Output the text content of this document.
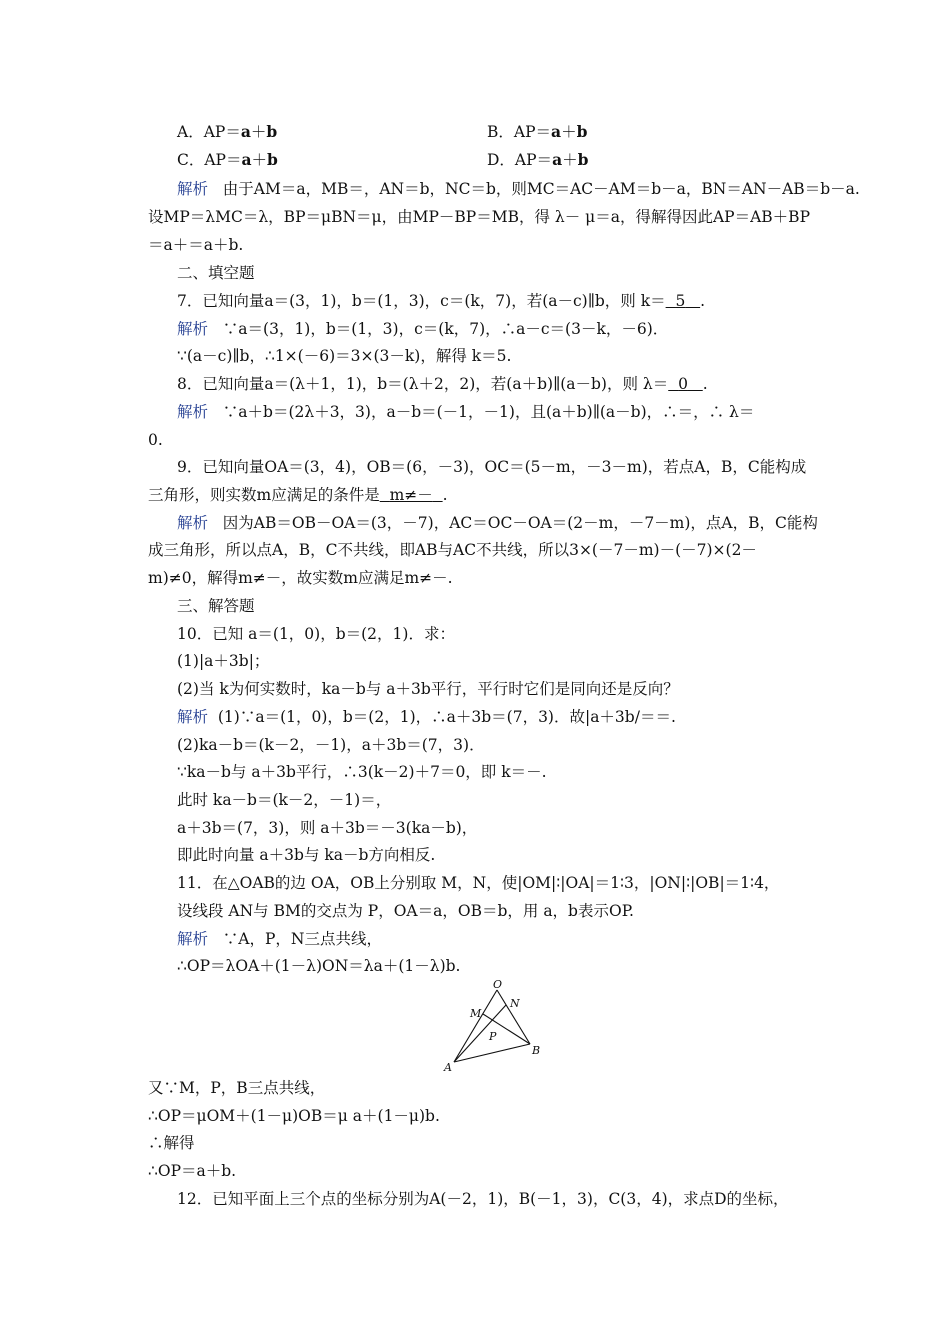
A．AP＝a＋b	B．AP＝a＋b
C．AP＝a＋b	D．AP＝a＋b
解析 由于AM＝a，MB＝，AN＝b，NC＝b，则MC＝AC－AM＝b－a，BN＝AN－AB＝b－a.
设MP＝λMC＝λ，BP＝μBN＝μ，由MP－BP＝MB，得 λ－ μ＝a，得解得因此AP＝AB＋BP
＝a＋＝a＋b.
二、填空题
7．已知向量a＝(3，1)，b＝(1，3)，c＝(k，7)，若(a－c)∥b，则 k＝ 5 .
解析 ∵a＝(3，1)，b＝(1，3)，c＝(k，7)，∴a－c＝(3－k，－6)．
∵(a－c)∥b，∴1×(－6)＝3×(3－k)，解得 k＝5.
8．已知向量a＝(λ＋1，1)，b＝(λ＋2，2)，若(a＋b)∥(a－b)，则 λ＝ 0 .
解析 ∵a＋b＝(2λ＋3，3)，a－b＝(－1，－1)，且(a＋b)∥(a－b)，∴＝，∴ λ＝
0.
9．已知向量OA＝(3，4)，OB＝(6，－3)，OC＝(5－m，－3－m)，若点A，B，C能构成
三角形，则实数m应满足的条件是 m≠－ .
解析 因为AB＝OB－OA＝(3，－7)，AC＝OC－OA＝(2－m，－7－m)，点A，B，C能构
成三角形，所以点A，B，C不共线，即AB与AC不共线，所以3×(－7－m)－(－7)×(2－
m)≠0，解得m≠－，故实数m应满足m≠－.
三、解答题
10．已知 a＝(1，0)，b＝(2，1)．求：
(1)|a＋3b|；
(2)当 k为何实数时，ka－b与 a＋3b平行，平行时它们是同向还是反向？
解析 (1)∵a＝(1，0)，b＝(2，1)，∴a＋3b＝(7，3)．故|a＋3b/＝＝.
(2)ka－b＝(k－2，－1)，a＋3b＝(7，3)．
∵ka－b与 a＋3b平行，∴3(k－2)＋7＝0，即 k＝－.
此时 ka－b＝(k－2，－1)＝，
a＋3b＝(7，3)，则 a＋3b＝－3(ka－b)，
即此时向量 a＋3b与 ka－b方向相反.
11．在△OAB的边 OA，OB上分别取 M，N，使|OM|∶|OA|＝1∶3，|ON|∶|OB|＝1∶4，
设线段 AN与 BM的交点为 P，OA＝a，OB＝b，用 a，b表示OP.
解析 ∵A，P，N三点共线，
∴OP＝λOA＋(1－λ)ON＝λa＋(1－λ)b.
O
M
N
P
A
B
又∵M，P，B三点共线，
∴OP＝μOM＋(1－μ)OB＝μ a＋(1－μ)b.
∴解得
∴OP＝a＋b.
12．已知平面上三个点的坐标分别为A(－2，1)，B(－1，3)，C(3，4)，求点D的坐标，
